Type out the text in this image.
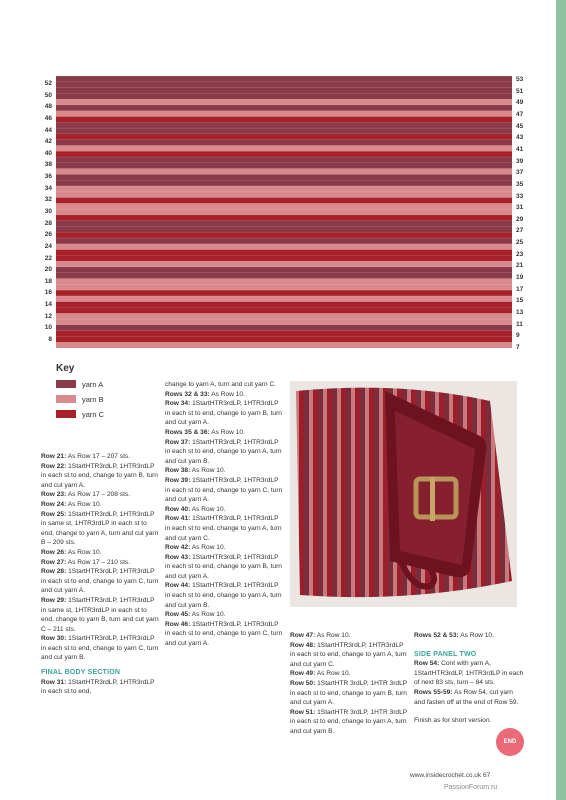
52
50
48
46
44
42
40
38
36
34
32
30
28
26
24
22
20
18
16
14
12
10
8
53
51
49
47
45
43
41
39
37
35
33
31
29
27
25
23
21
19
17
15
13
11
9
7
Key
yarn A
yarn B
yarn C

Row 21: As Row 17 – 207 sts.

Row 22: 1StartHTR3rdLP, 1HTR3rdLP in each st to end, change to yarn B, turn and cut yarn A.

Row 23: As Row 17 – 208 sts.

Row 24: As Row 10.

Row 25: 1StartHTR3rdLP, 1HTR3rdLP in same st, 1HTR3rdLP in each st to end, change to yarn A, turn and cut yarn B – 209 sts.

Row 26: As Row 10.

Row 27: As Row 17 – 210 sts.

Row 28: 1StartHTR3rdLP, 1HTR3rdLP in each st to end, change to yarn C, turn and cut yarn A.

Row 29: 1StartHTR3rdLP, 1HTR3rdLP in same st, 1HTR3rdLP in each st to end, change to yarn B, turn and cut yarn C – 211 sts.

Row 30: 1StartHTR3rdLP, 1HTR3rdLP in each st to end, change to yarn C, turn and cut yarn B.

FINAL BODY SECTION

Row 31: 1StartHTR3rdLP, 1HTR3rdLP in each st to end,

change to yarn A, turn and cut yarn C.

Rows 32 & 33: As Row 10.

Row 34: 1StartHTR3rdLP, 1HTR3rdLP in each st to end, change to yarn B, turn and cut yarn A.

Rows 35 & 36: As Row 10.

Row 37: 1StartHTR3rdLP, 1HTR3rdLP in each st to end, change to yarn A, turn and cut yarn B.

Row 38: As Row 10.

Row 39: 1StartHTR3rdLP, 1HTR3rdLP in each st to end, change to yarn C, turn and cut yarn A.

Row 40: As Row 10.

Row 41: 1StartHTR3rdLP, 1HTR3rdLP in each st to end, change to yarn A, turn and cut yarn C.

Row 42: As Row 10.

Row 43: 1StartHTR3rdLP, 1HTR3rdLP in each st to end, change to yarn B, turn and cut yarn A.

Row 44: 1StartHTR3rdLP, 1HTR3rdLP in each st to end, change to yarn A, turn and cut yarn B.

Row 45: As Row 10.

Row 46: 1StartHTR3rdLP, 1HTR3rdLP in each st to end, change to yarn C, turn and cut yarn A.

Row 47: As Row 10.

Row 48: 1StartHTR3rdLP, 1HTR3rdLP in each st to end, change to yarn A, turn and cut yarn C.

Row 49: As Row 10.

Row 50: 1StartHTR 3rdLP, 1HTR 3rdLP in each st to end, change to yarn B, turn and cut yarn A.

Row 51: 1StartHTR 3rdLP, 1HTR 3rdLP in each st to end, change to yarn A, turn and cut yarn B.

Rows 52 & 53: As Row 10.

SIDE PANEL TWO

Row 54: Cont with yarn A, 1StartHTR3rdLP, 1HTR3rdLP in each of next 83 sts, turn – 84 sts.

Rows 55-59: As Row 54, cut yarn and fasten off at the end of Row 59.

Finish as for short version.

END
www.insidecrochet.co.uk 67
PassionForum.ru
